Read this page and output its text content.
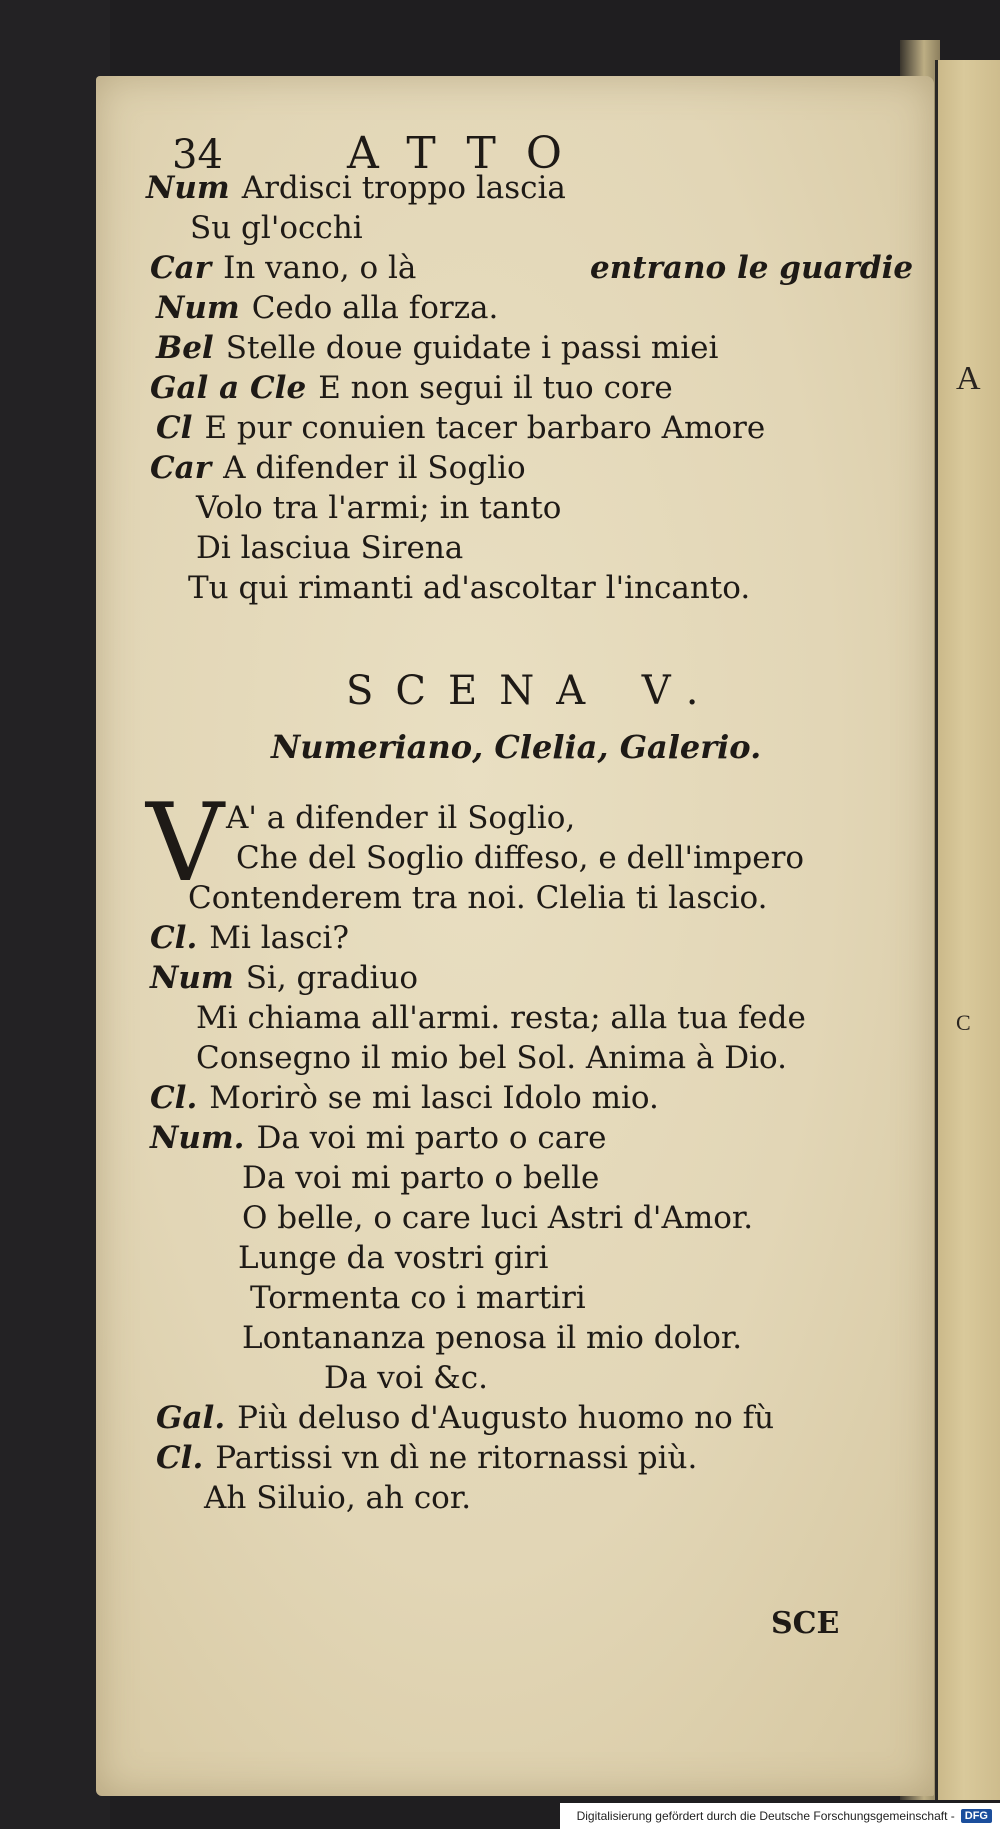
A
C
34	ATTO
Num Ardisci troppo lascia
Su gl'occhi
Car In vano, o là	entrano le guardie
Num Cedo alla forza.
Bel Stelle doue guidate i passi miei
Gal a Cle E non segui il tuo core
Cl E pur conuien tacer barbaro Amore
Car A difender il Soglio
Volo tra l'armi; in tanto
Di lasciua Sirena
Tu qui rimanti ad'ascoltar l'incanto.
SCENA V.
Numeriano, Clelia, Galerio.
V A' a difender il Soglio,
Che del Soglio diffeso, e dell'impero
Contenderem tra noi. Clelia ti lascio.
Cl. Mi lasci?
Num Si, gradiuo
Mi chiama all'armi. resta; alla tua fede
Consegno il mio bel Sol. Anima à Dio.
Cl. Morirò se mi lasci Idolo mio.
Num. Da voi mi parto o care
Da voi mi parto o belle
O belle, o care luci Astri d'Amor.
Lunge da vostri giri
Tormenta co i martiri
Lontananza penosa il mio dolor.
Da voi &c.
Gal. Più deluso d'Augusto huomo no fù
Cl. Partissi vn dì ne ritornassi più.
Ah Siluio, ah cor.
SCE
Digitalisierung gefördert durch die Deutsche Forschungsgemeinschaft - DFG
